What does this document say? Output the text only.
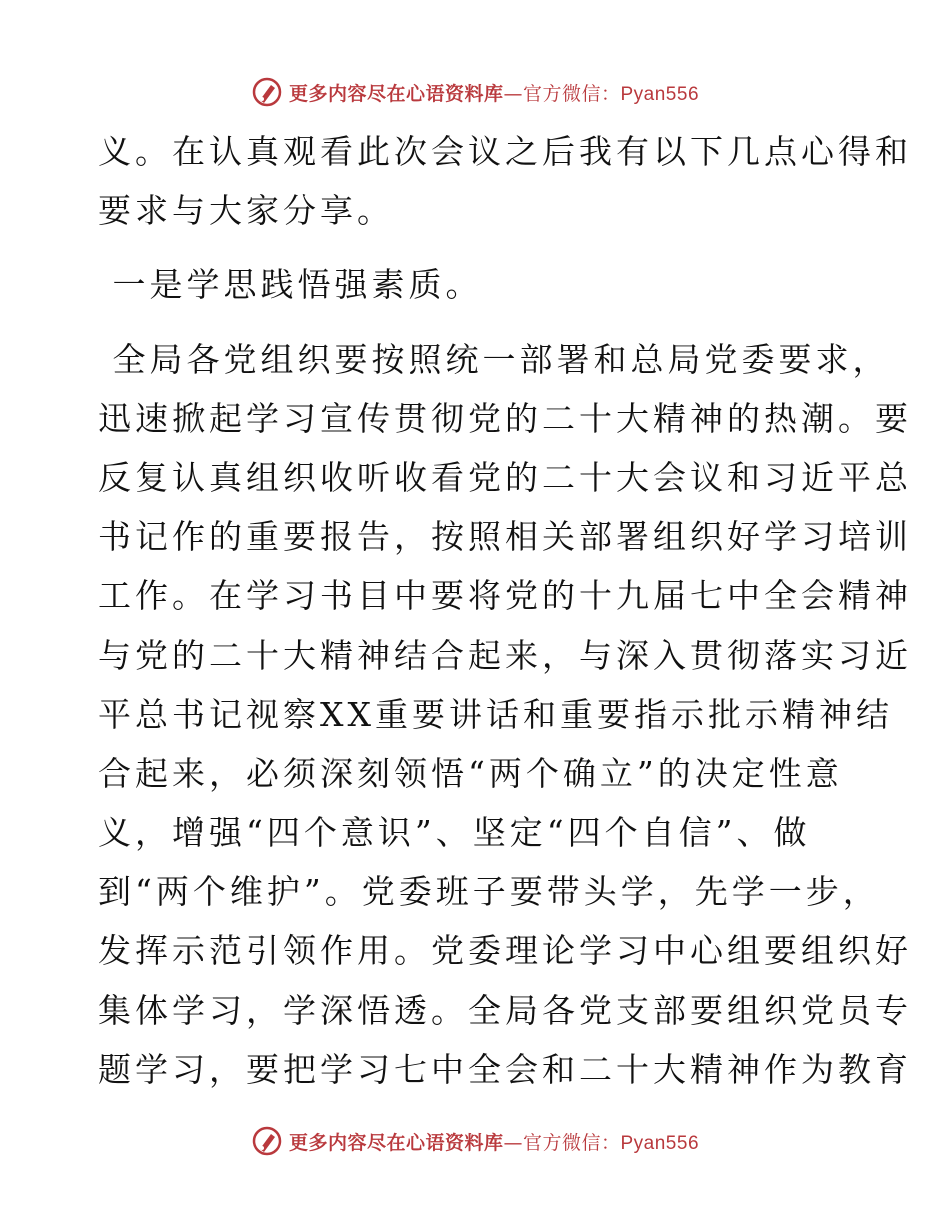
更多内容尽在心语资料库—官方微信：Pyan556
义。在认真观看此次会议之后我有以下几点心得和
要求与大家分享。
一是学思践悟强素质。
全局各党组织要按照统一部署和总局党委要求，
迅速掀起学习宣传贯彻党的二十大精神的热潮。要
反复认真组织收听收看党的二十大会议和习近平总
书记作的重要报告，按照相关部署组织好学习培训
工作。在学习书目中要将党的十九届七中全会精神
与党的二十大精神结合起来，与深入贯彻落实习近
平总书记视察XX重要讲话和重要指示批示精神结
合起来，必须深刻领悟“两个确立”的决定性意
义，增强“四个意识”、坚定“四个自信”、做
到“两个维护”。党委班子要带头学，先学一步，
发挥示范引领作用。党委理论学习中心组要组织好
集体学习，学深悟透。全局各党支部要组织党员专
题学习，要把学习七中全会和二十大精神作为教育
更多内容尽在心语资料库—官方微信：Pyan556
